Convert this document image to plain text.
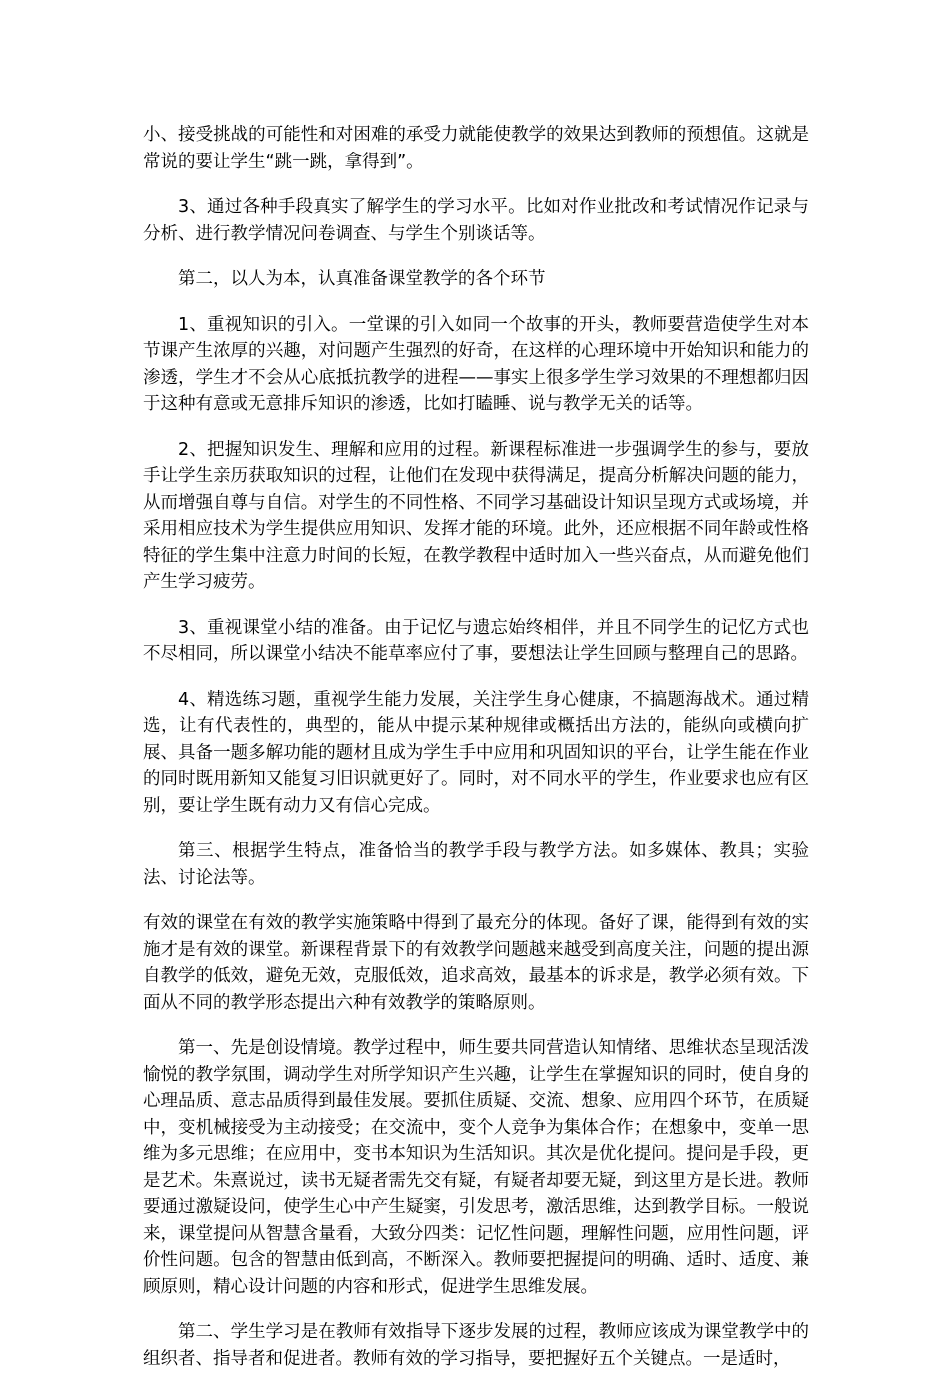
小、接受挑战的可能性和对困难的承受力就能使教学的效果达到教师的预想值。这就是常说的要让学生“跳一跳，拿得到”。

3、通过各种手段真实了解学生的学习水平。比如对作业批改和考试情况作记录与分析、进行教学情况问卷调查、与学生个别谈话等。

第二，以人为本，认真准备课堂教学的各个环节

1、重视知识的引入。一堂课的引入如同一个故事的开头，教师要营造使学生对本节课产生浓厚的兴趣，对问题产生强烈的好奇，在这样的心理环境中开始知识和能力的渗透，学生才不会从心底抵抗教学的进程——事实上很多学生学习效果的不理想都归因于这种有意或无意排斥知识的渗透，比如打瞌睡、说与教学无关的话等。

2、把握知识发生、理解和应用的过程。新课程标准进一步强调学生的参与，要放手让学生亲历获取知识的过程，让他们在发现中获得满足，提高分析解决问题的能力，从而增强自尊与自信。对学生的不同性格、不同学习基础设计知识呈现方式或场境，并采用相应技术为学生提供应用知识、发挥才能的环境。此外，还应根据不同年龄或性格特征的学生集中注意力时间的长短，在教学教程中适时加入一些兴奋点，从而避免他们产生学习疲劳。

3、重视课堂小结的准备。由于记忆与遗忘始终相伴，并且不同学生的记忆方式也不尽相同，所以课堂小结决不能草率应付了事，要想法让学生回顾与整理自己的思路。

4、精选练习题，重视学生能力发展，关注学生身心健康，不搞题海战术。通过精选，让有代表性的，典型的，能从中提示某种规律或概括出方法的，能纵向或横向扩展、具备一题多解功能的题材且成为学生手中应用和巩固知识的平台，让学生能在作业的同时既用新知又能复习旧识就更好了。同时，对不同水平的学生，作业要求也应有区别，要让学生既有动力又有信心完成。

第三、根据学生特点，准备恰当的教学手段与教学方法。如多媒体、教具；实验法、讨论法等。

有效的课堂在有效的教学实施策略中得到了最充分的体现。备好了课，能得到有效的实施才是有效的课堂。新课程背景下的有效教学问题越来越受到高度关注，问题的提出源自教学的低效，避免无效，克服低效，追求高效，最基本的诉求是，教学必须有效。下面从不同的教学形态提出六种有效教学的策略原则。

第一、先是创设情境。教学过程中，师生要共同营造认知情绪、思维状态呈现活泼愉悦的教学氛围，调动学生对所学知识产生兴趣，让学生在掌握知识的同时，使自身的心理品质、意志品质得到最佳发展。要抓住质疑、交流、想象、应用四个环节，在质疑中，变机械接受为主动接受；在交流中，变个人竞争为集体合作；在想象中，变单一思维为多元思维；在应用中，变书本知识为生活知识。其次是优化提问。提问是手段，更是艺术。朱熹说过，读书无疑者需先交有疑，有疑者却要无疑，到这里方是长进。教师要通过激疑设问，使学生心中产生疑窦，引发思考，激活思维，达到教学目标。一般说来，课堂提问从智慧含量看，大致分四类：记忆性问题，理解性问题，应用性问题，评价性问题。包含的智慧由低到高，不断深入。教师要把握提问的明确、适时、适度、兼顾原则，精心设计问题的内容和形式，促进学生思维发展。

第二、学生学习是在教师有效指导下逐步发展的过程，教师应该成为课堂教学中的组织者、指导者和促进者。教师有效的学习指导，要把握好五个关键点。一是适时，
